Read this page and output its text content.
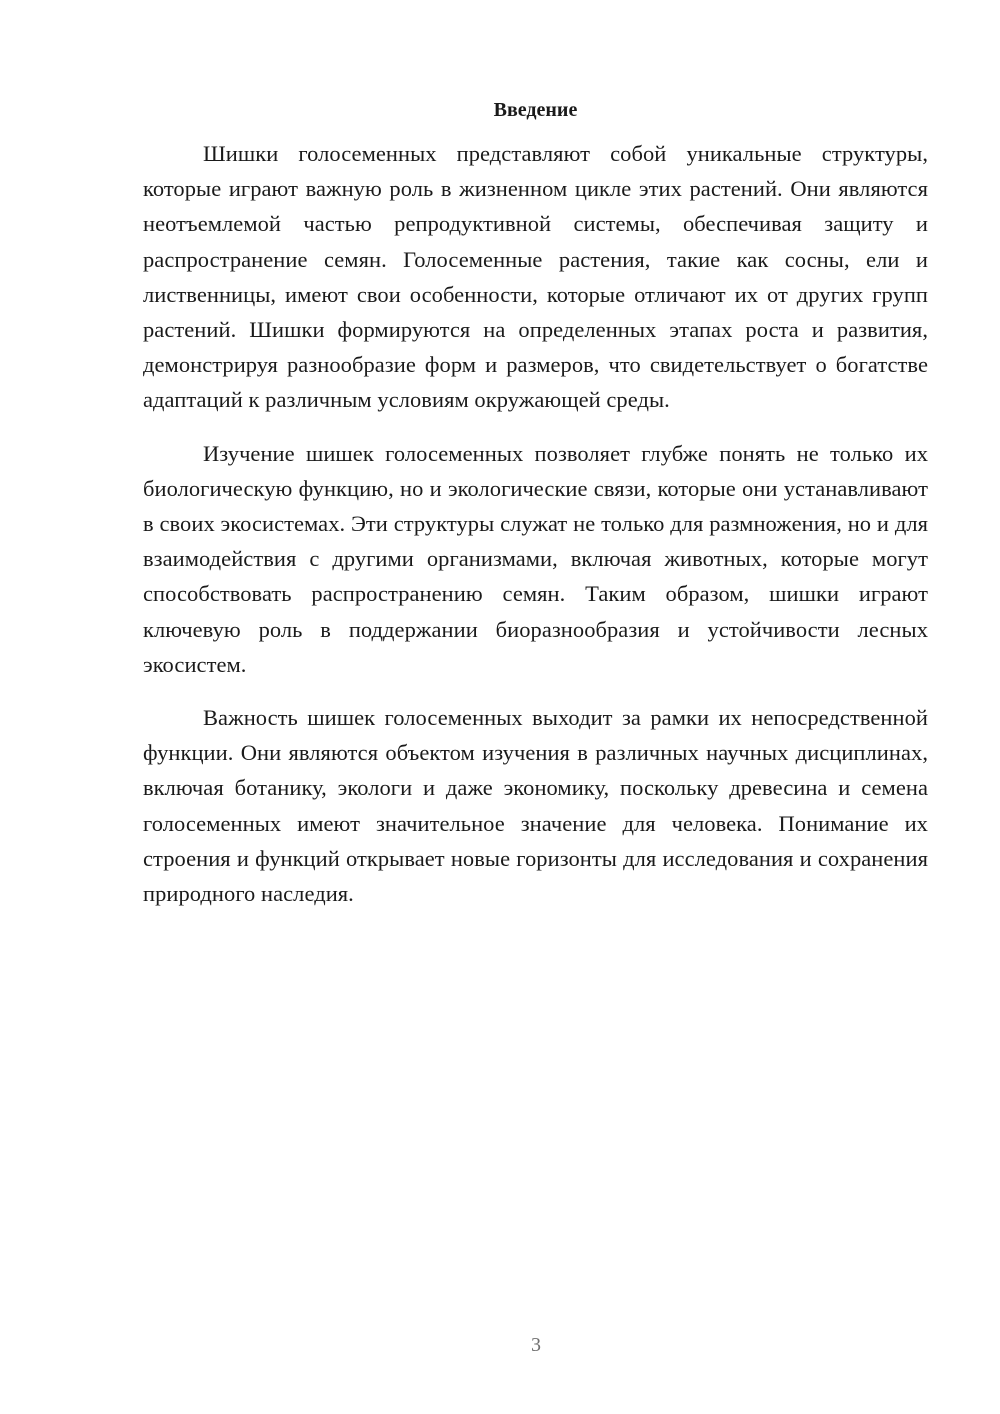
Введение

Шишки голосеменных представляют собой уникальные структуры, которые играют важную роль в жизненном цикле этих растений. Они являются неотъемлемой частью репродуктивной системы, обеспечивая защиту и распространение семян. Голосеменные растения, такие как сосны, ели и лиственницы, имеют свои особенности, которые отличают их от других групп растений. Шишки формируются на определенных этапах роста и развития, демонстрируя разнообразие форм и размеров, что свидетельствует о богатстве адаптаций к различным условиям окружающей среды.

Изучение шишек голосеменных позволяет глубже понять не только их биологическую функцию, но и экологические связи, которые они устанавливают в своих экосистемах. Эти структуры служат не только для размножения, но и для взаимодействия с другими организмами, включая животных, которые могут способствовать распространению семян. Таким образом, шишки играют ключевую роль в поддержании биоразнообразия и устойчивости лесных экосистем.

Важность шишек голосеменных выходит за рамки их непосредственной функции. Они являются объектом изучения в различных научных дисциплинах, включая ботанику, экологи и даже экономику, поскольку древесина и семена голосеменных имеют значительное значение для человека. Понимание их строения и функций открывает новые горизонты для исследования и сохранения природного наследия.

3
